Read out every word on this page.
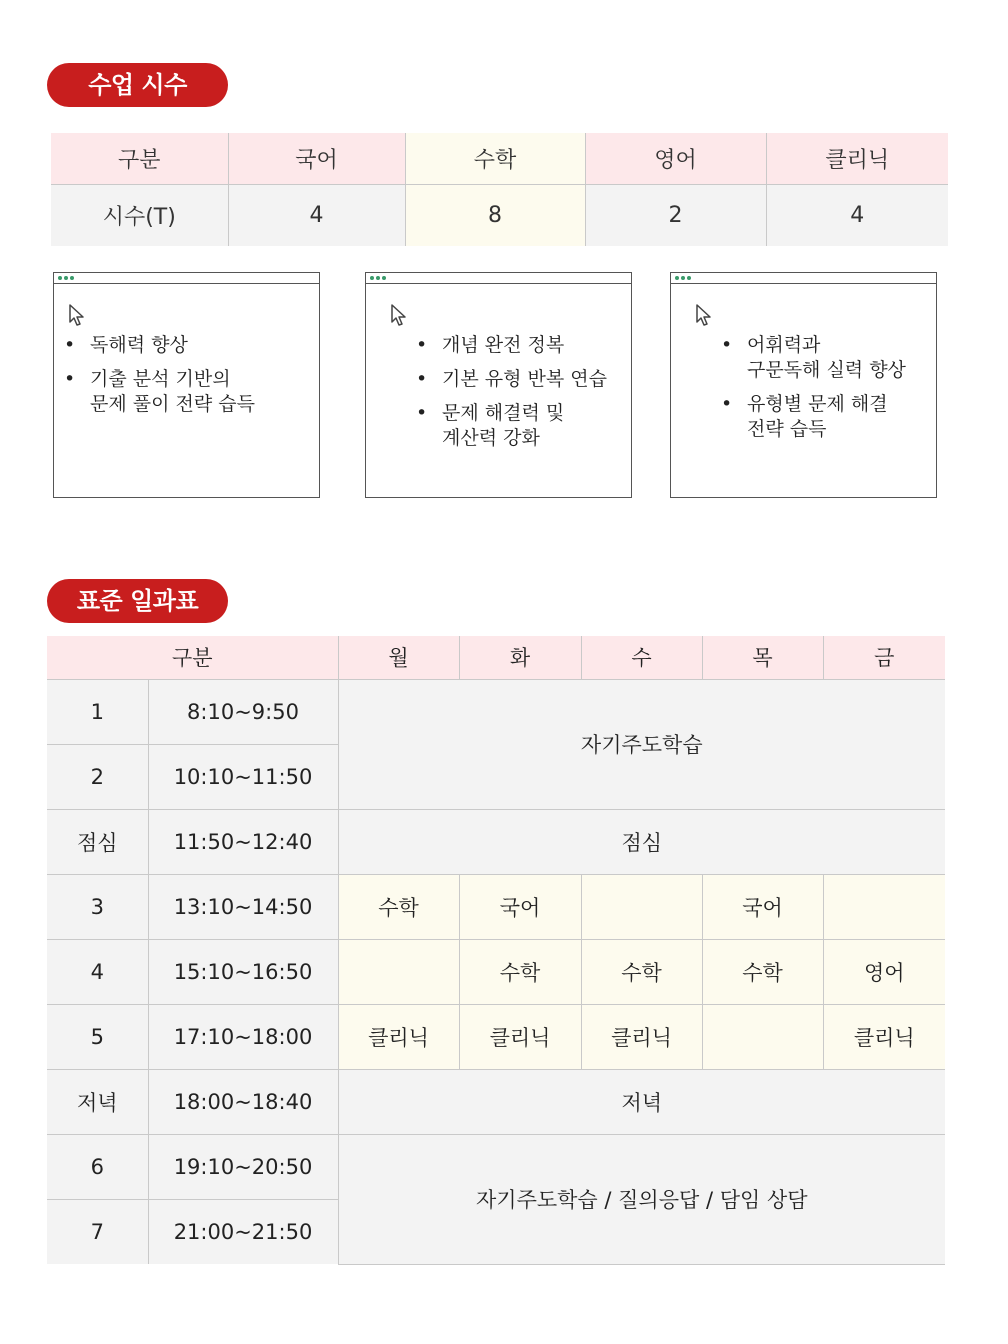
수업 시수
구분	국어	수학	영어	클리닉
시수(T)	4	8	2	4
• 독해력 향상
• 기출 분석 기반의
문제 풀이 전략 습득
• 개념 완전 정복
• 기본 유형 반복 연습
• 문제 해결력 및
계산력 강화
• 어휘력과
구문독해 실력 향상
• 유형별 문제 해결
전략 습득
표준 일과표
구분		월	화	수	목	금
1	8:10~9:50	자기주도학습				
2	10:10~11:50					
점심	11:50~12:40	점심				
3	13:10~14:50	수학	국어		국어	
4	15:10~16:50		수학	수학	수학	영어
5	17:10~18:00	클리닉	클리닉	클리닉		클리닉
저녁	18:00~18:40	저녁				
6	19:10~20:50	자기주도학습 / 질의응답 / 담임 상담				
7	21:00~21:50					
